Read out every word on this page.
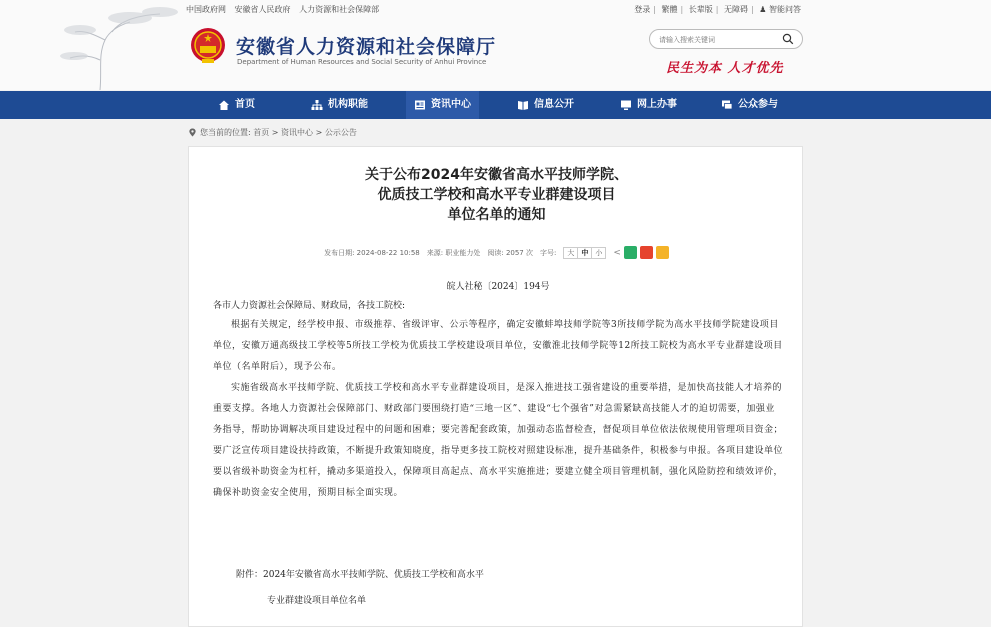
中国政府网 安徽省人民政府 人力资源和社会保障部	登录 | 繁體 | 长辈版 | 无障碍 | ♟ 智能问答
安徽省人力资源和社会保障厅
Department of Human Resources and Social Security of Anhui Province
请输入搜索关键词	民生为本 人才优先
首页	机构职能	资讯中心	信息公开	网上办事	公众参与
您当前的位置: 首页 > 资讯中心 > 公示公告
关于公布2024年安徽省高水平技师学院、
优质技工学校和高水平专业群建设项目
单位名单的通知
发布日期: 2024-08-22 10:58 来源: 职业能力处 阅读: 2057 次 字号:	大	中	小	<
皖人社秘〔2024〕194号
各市人力资源社会保障局、财政局，各技工院校:

根据有关规定，经学校申报、市级推荐、省级评审、公示等程序，确定安徽蚌埠技师学院等3所技师学院为高水平技师学院建设项目单位，安徽万通高级技工学校等5所技工学校为优质技工学校建设项目单位，安徽淮北技师学院等12所技工院校为高水平专业群建设项目单位（名单附后），现予公布。

实施省级高水平技师学院、优质技工学校和高水平专业群建设项目，是深入推进技工强省建设的重要举措，是加快高技能人才培养的重要支撑。各地人力资源社会保障部门、财政部门要围绕打造“三地一区”、建设“七个强省”对急需紧缺高技能人才的迫切需要，加强业务指导，帮助协调解决项目建设过程中的问题和困难；要完善配套政策，加强动态监督检查，督促项目单位依法依规使用管理项目资金；要广泛宣传项目建设扶持政策，不断提升政策知晓度，指导更多技工院校对照建设标准，提升基础条件，积极参与申报。各项目建设单位要以省级补助资金为杠杆，撬动多渠道投入，保障项目高起点、高水平实施推进；要建立健全项目管理机制，强化风险防控和绩效评价，确保补助资金安全使用，预期目标全面实现。

附件：2024年安徽省高水平技师学院、优质技工学校和高水平
专业群建设项目单位名单
